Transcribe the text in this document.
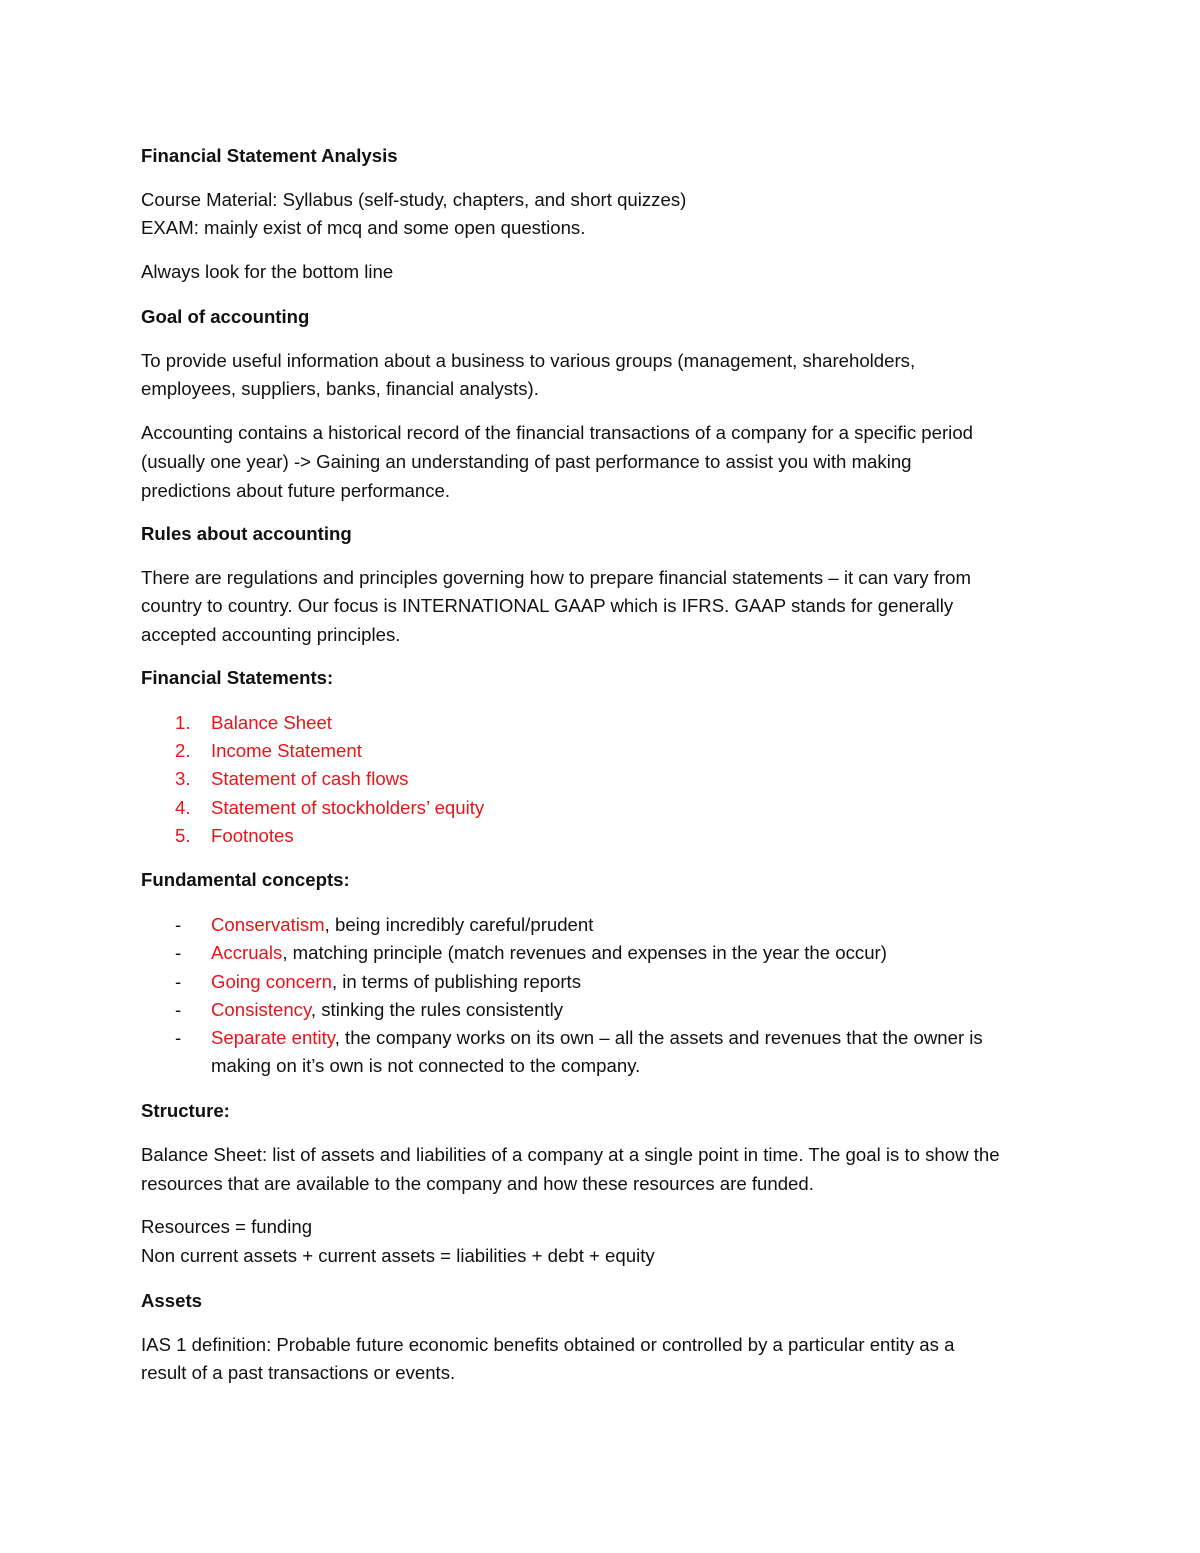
Financial Statement Analysis
Course Material: Syllabus (self-study, chapters, and short quizzes)
EXAM: mainly exist of mcq and some open questions.
Always look for the bottom line
Goal of accounting
To provide useful information about a business to various groups (management, shareholders,
employees, suppliers, banks, financial analysts).
Accounting contains a historical record of the financial transactions of a company for a specific period
(usually one year) -> Gaining an understanding of past performance to assist you with making
predictions about future performance.
Rules about accounting
There are regulations and principles governing how to prepare financial statements – it can vary from
country to country. Our focus is INTERNATIONAL GAAP which is IFRS. GAAP stands for generally
accepted accounting principles.
Financial Statements:
1. Balance Sheet
2. Income Statement
3. Statement of cash flows
4. Statement of stockholders’ equity
5. Footnotes
Fundamental concepts:
- Conservatism, being incredibly careful/prudent
- Accruals, matching principle (match revenues and expenses in the year the occur)
- Going concern, in terms of publishing reports
- Consistency, stinking the rules consistently
- Separate entity, the company works on its own – all the assets and revenues that the owner is
making on it’s own is not connected to the company.
Structure:
Balance Sheet: list of assets and liabilities of a company at a single point in time. The goal is to show the
resources that are available to the company and how these resources are funded.
Resources = funding
Non current assets + current assets = liabilities + debt + equity
Assets
IAS 1 definition: Probable future economic benefits obtained or controlled by a particular entity as a
result of a past transactions or events.
